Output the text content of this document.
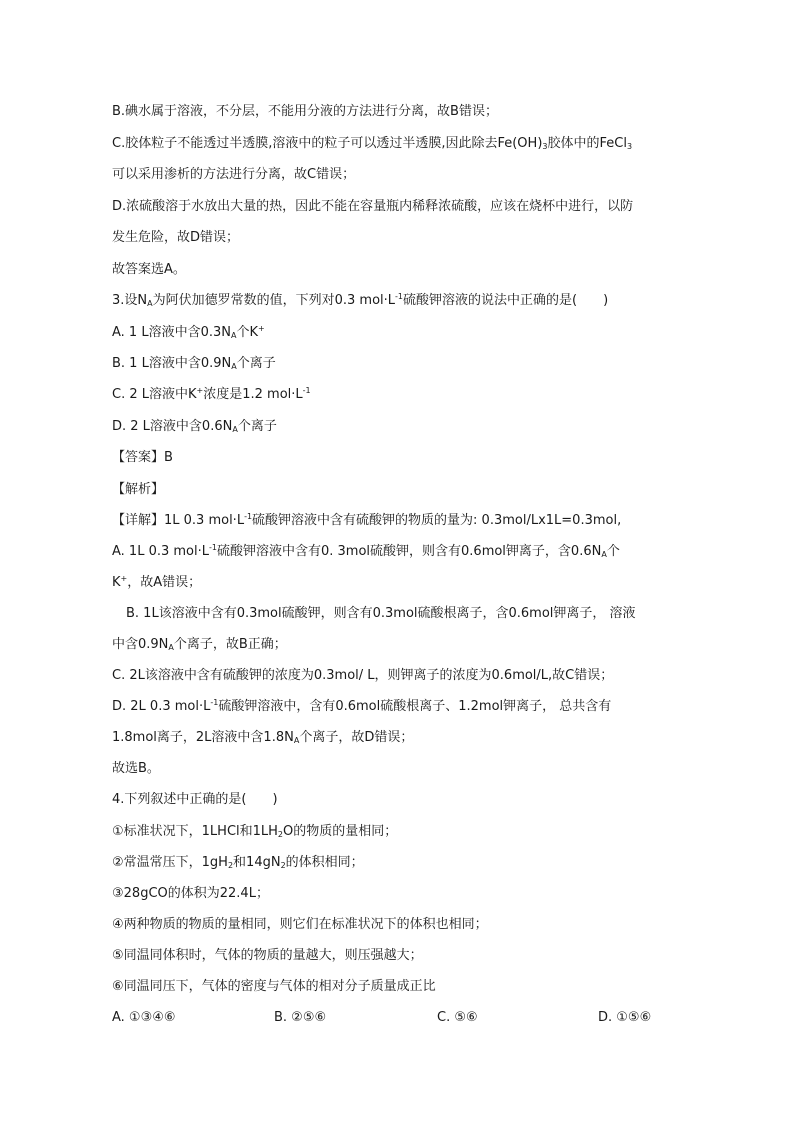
B.碘水属于溶液，不分层，不能用分液的方法进行分离，故B错误；
C.胶体粒子不能透过半透膜,溶液中的粒子可以透过半透膜,因此除去$Fe(OH)_3$胶体中的FeCl$_3$
可以采用渗析的方法进行分离，故C错误；
D.浓硫酸溶于水放出大量的热，因此不能在容量瓶内稀释浓硫酸，应该在烧杯中进行，以防
发生危险，故D错误；
故答案选A。
3.设$N_A$为阿伏加德罗常数的值，下列对0.3 $mol\cdot L^{-1}$硫酸钾溶液的说法中正确的是(　　)
A. 1 L溶液中含$0.3N_A$个K+
B. 1 L溶液中含$0.9N_A$个离子
C. 2 L溶液中K+浓度是1.2 $mol\cdot L^{-1}$
D. 2 L溶液中含$0.6N_A$个离子
【答案】B
【解析】
【详解】1L 0.3 $mol\cdot L^{-1}$硫酸钾溶液中含有硫酸钾的物质的量为: 0.3mol/Lx1L=0.3mol,
A. 1L 0.3 $mol\cdot L^{-1}$硫酸钾溶液中含有0. 3mol硫酸钾，则含有0.6mol钾离子，含$0.6N_A$个
K+，故A错误；
B. 1L该溶液中含有0.3mol硫酸钾，则含有0.3mol硫酸根离子，含0.6mol钾离子， 溶液
中含$0.9N_A$个离子，故B正确；
C. 2L该溶液中含有硫酸钾的浓度为0.3mol/ L，则钾离子的浓度为0.6mol/L,故C错误；
D. 2L 0.3 $mol\cdot L^{-1}$硫酸钾溶液中，含有0.6mol硫酸根离子、1.2mol钾离子， 总共含有
1.8mol离子，2L溶液中含$1.8N_A$个离子，故D错误；
故选B。
4.下列叙述中正确的是(　　)
①标准状况下，1LHCl和$1LH_2O$的物质的量相同；
②常温常压下，$1gH_2$和$14gN_2$的体积相同；
③28gCO的体积为22.4L；
④两种物质的物质的量相同，则它们在标准状况下的体积也相同；
⑤同温同体积时，气体的物质的量越大，则压强越大；
⑥同温同压下，气体的密度与气体的相对分子质量成正比
A. ①③④⑥	B. ②⑤⑥	C. ⑤⑥	D. ①⑤⑥
